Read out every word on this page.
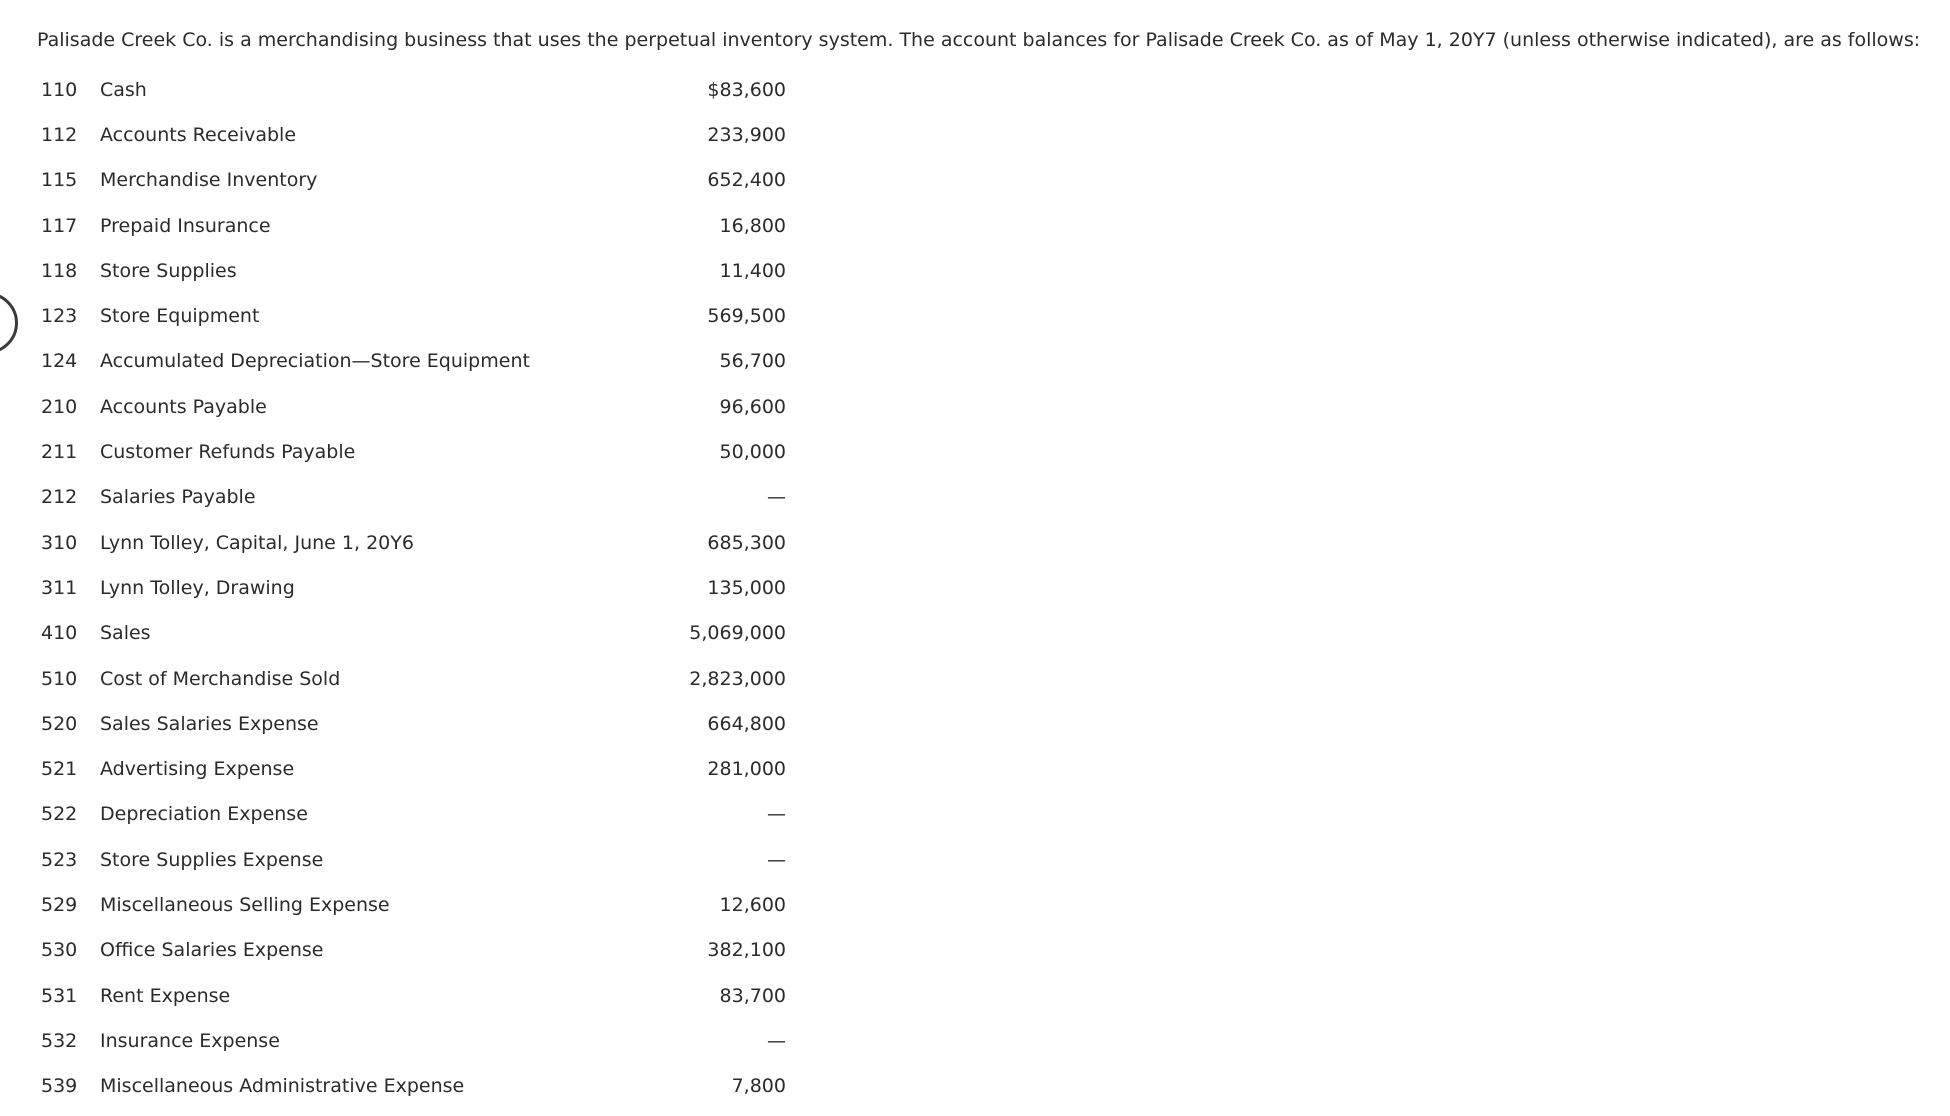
Palisade Creek Co. is a merchandising business that uses the perpetual inventory system. The account balances for Palisade Creek Co. as of May 1, 20Y7 (unless otherwise indicated), are as follows:

110	Cash	$83,600
112	Accounts Receivable	233,900
115	Merchandise Inventory	652,400
117	Prepaid Insurance	16,800
118	Store Supplies	11,400
123	Store Equipment	569,500
124	Accumulated Depreciation—Store Equipment	56,700
210	Accounts Payable	96,600
211	Customer Refunds Payable	50,000
212	Salaries Payable	—
310	Lynn Tolley, Capital, June 1, 20Y6	685,300
311	Lynn Tolley, Drawing	135,000
410	Sales	5,069,000
510	Cost of Merchandise Sold	2,823,000
520	Sales Salaries Expense	664,800
521	Advertising Expense	281,000
522	Depreciation Expense	—
523	Store Supplies Expense	—
529	Miscellaneous Selling Expense	12,600
530	Office Salaries Expense	382,100
531	Rent Expense	83,700
532	Insurance Expense	—
539	Miscellaneous Administrative Expense	7,800
